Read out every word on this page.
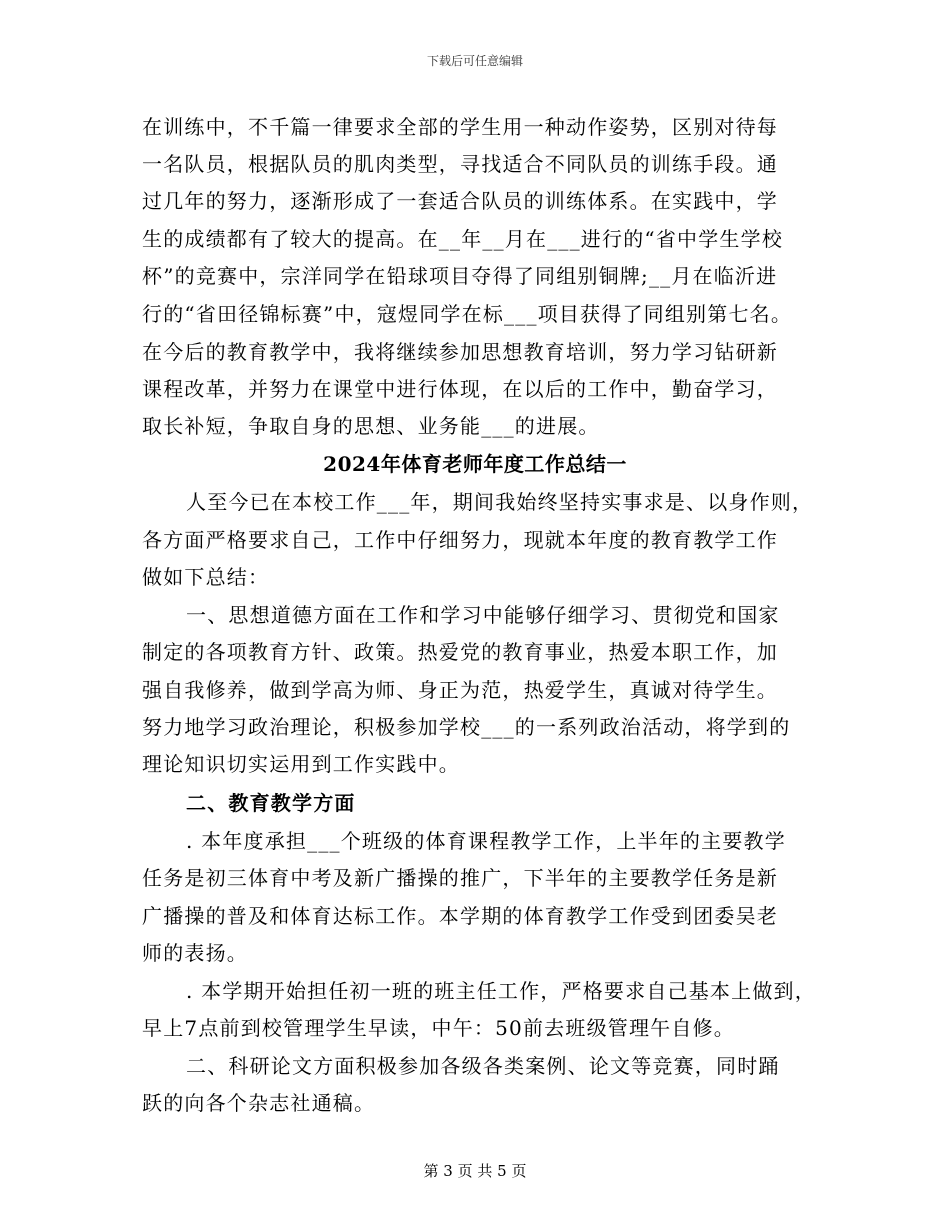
下载后可任意编辑
在训练中，不千篇一律要求全部的学生用一种动作姿势，区别对待每
一名队员，根据队员的肌肉类型，寻找适合不同队员的训练手段。通
过几年的努力，逐渐形成了一套适合队员的训练体系。在实践中，学
生的成绩都有了较大的提高。在__年__月在___进行的“省中学生学校
杯”的竞赛中，宗洋同学在铅球项目夺得了同组别铜牌;__月在临沂进
行的“省田径锦标赛”中，寇煜同学在标___项目获得了同组别第七名。
在今后的教育教学中，我将继续参加思想教育培训，努力学习钻研新
课程改革，并努力在课堂中进行体现，在以后的工作中，勤奋学习，
取长补短，争取自身的思想、业务能___的进展。
2024年体育老师年度工作总结一
人至今已在本校工作___年，期间我始终坚持实事求是、以身作则，
各方面严格要求自己，工作中仔细努力，现就本年度的教育教学工作
做如下总结：
一、思想道德方面在工作和学习中能够仔细学习、贯彻党和国家
制定的各项教育方针、政策。热爱党的教育事业，热爱本职工作，加
强自我修养，做到学高为师、身正为范，热爱学生，真诚对待学生。
努力地学习政治理论，积极参加学校___的一系列政治活动，将学到的
理论知识切实运用到工作实践中。
二、教育教学方面
. 本年度承担___个班级的体育课程教学工作，上半年的主要教学
任务是初三体育中考及新广播操的推广，下半年的主要教学任务是新
广播操的普及和体育达标工作。本学期的体育教学工作受到团委吴老
师的表扬。
. 本学期开始担任初一班的班主任工作，严格要求自己基本上做到，
早上7点前到校管理学生早读，中午：50前去班级管理午自修。
二、科研论文方面积极参加各级各类案例、论文等竞赛，同时踊
跃的向各个杂志社通稿。
第 3 页 共 5 页
